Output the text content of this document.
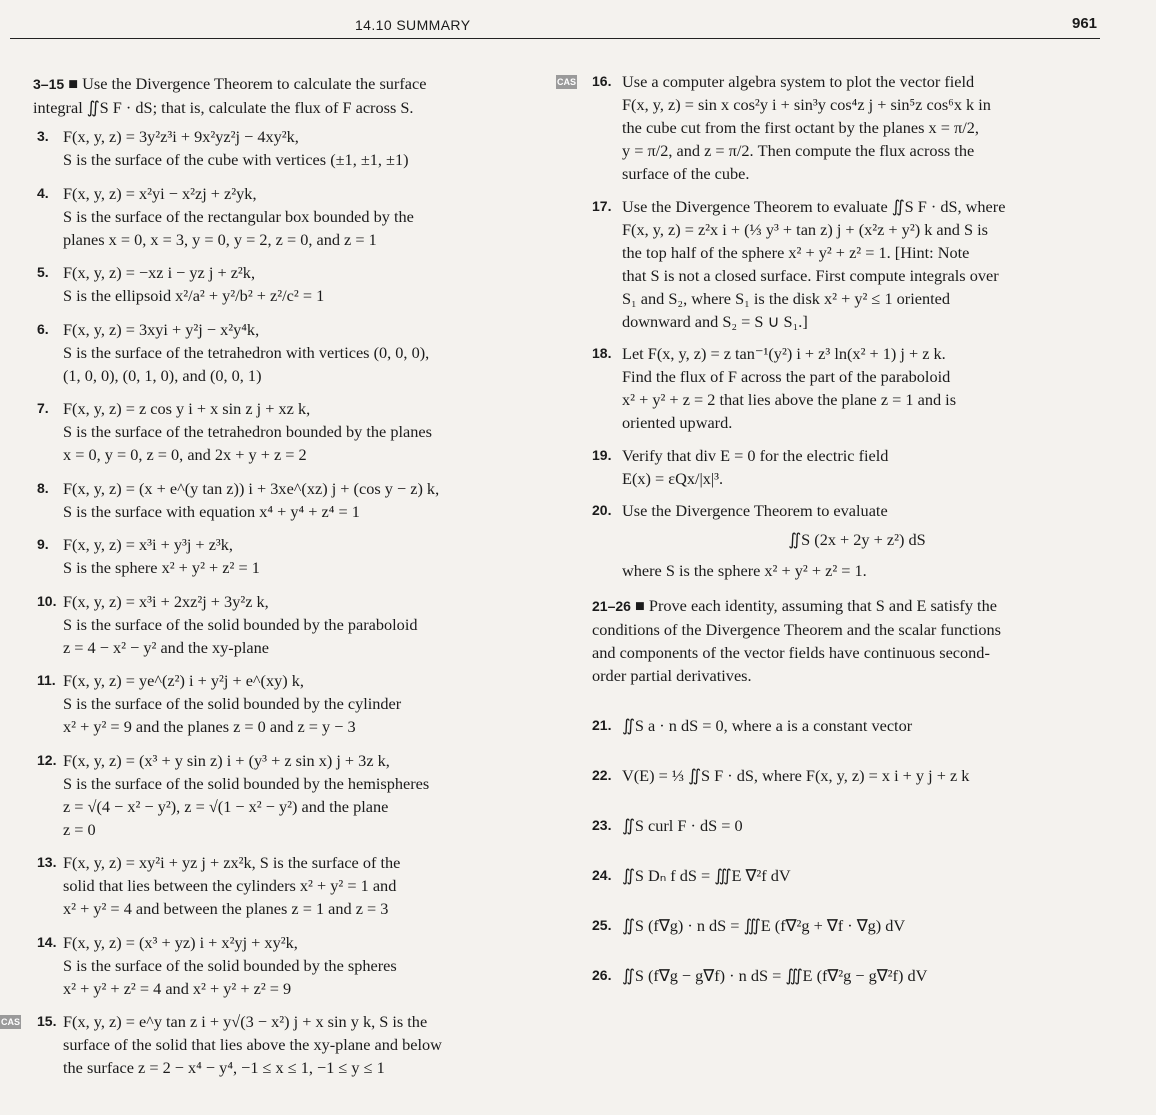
14.10 SUMMARY	961
3–15 ■ Use the Divergence Theorem to calculate the surface
integral ∬S F · dS; that is, calculate the flux of F across S.
3. F(x, y, z) = 3y²z³i + 9x²yz²j − 4xy²k,
S is the surface of the cube with vertices (±1, ±1, ±1)
4. F(x, y, z) = x²yi − x²zj + z²yk,
S is the surface of the rectangular box bounded by the
planes x = 0, x = 3, y = 0, y = 2, z = 0, and z = 1
5. F(x, y, z) = −xz i − yz j + z²k,
S is the ellipsoid x²/a² + y²/b² + z²/c² = 1
6. F(x, y, z) = 3xyi + y²j − x²y⁴k,
S is the surface of the tetrahedron with vertices (0, 0, 0),
(1, 0, 0), (0, 1, 0), and (0, 0, 1)
7. F(x, y, z) = z cos y i + x sin z j + xz k,
S is the surface of the tetrahedron bounded by the planes
x = 0, y = 0, z = 0, and 2x + y + z = 2
8. F(x, y, z) = (x + e^(y tan z)) i + 3xe^(xz) j + (cos y − z) k,
S is the surface with equation x⁴ + y⁴ + z⁴ = 1
9. F(x, y, z) = x³i + y³j + z³k,
S is the sphere x² + y² + z² = 1
10. F(x, y, z) = x³i + 2xz²j + 3y²z k,
S is the surface of the solid bounded by the paraboloid
z = 4 − x² − y² and the xy-plane
11. F(x, y, z) = ye^(z²) i + y²j + e^(xy) k,
S is the surface of the solid bounded by the cylinder
x² + y² = 9 and the planes z = 0 and z = y − 3
12. F(x, y, z) = (x³ + y sin z) i + (y³ + z sin x) j + 3z k,
S is the surface of the solid bounded by the hemispheres
z = √(4 − x² − y²), z = √(1 − x² − y²) and the plane
z = 0
13. F(x, y, z) = xy²i + yz j + zx²k, S is the surface of the
solid that lies between the cylinders x² + y² = 1 and
x² + y² = 4 and between the planes z = 1 and z = 3
14. F(x, y, z) = (x³ + yz) i + x²yj + xy²k,
S is the surface of the solid bounded by the spheres
x² + y² + z² = 4 and x² + y² + z² = 9
CAS 15. F(x, y, z) = e^y tan z i + y√(3 − x²) j + x sin y k, S is the
surface of the solid that lies above the xy-plane and below
the surface z = 2 − x⁴ − y⁴, −1 ≤ x ≤ 1, −1 ≤ y ≤ 1
CAS 16. Use a computer algebra system to plot the vector field
F(x, y, z) = sin x cos²y i + sin³y cos⁴z j + sin⁵z cos⁶x k in
the cube cut from the first octant by the planes x = π/2,
y = π/2, and z = π/2. Then compute the flux across the
surface of the cube.
17. Use the Divergence Theorem to evaluate ∬S F · dS, where
F(x, y, z) = z²x i + (⅓ y³ + tan z) j + (x²z + y²) k and S is
the top half of the sphere x² + y² + z² = 1. [Hint: Note
that S is not a closed surface. First compute integrals over
S₁ and S₂, where S₁ is the disk x² + y² ≤ 1 oriented
downward and S₂ = S ∪ S₁.]
18. Let F(x, y, z) = z tan⁻¹(y²) i + z³ ln(x² + 1) j + z k.
Find the flux of F across the part of the paraboloid
x² + y² + z = 2 that lies above the plane z = 1 and is
oriented upward.
19. Verify that div E = 0 for the electric field
E(x) = εQx/|x|³.
20. Use the Divergence Theorem to evaluate
∬S (2x + 2y + z²) dS
where S is the sphere x² + y² + z² = 1.
21–26 ■ Prove each identity, assuming that S and E satisfy the
conditions of the Divergence Theorem and the scalar functions
and components of the vector fields have continuous second-
order partial derivatives.
21. ∬S a · n dS = 0, where a is a constant vector
22. V(E) = ⅓ ∬S F · dS, where F(x, y, z) = x i + y j + z k
23. ∬S curl F · dS = 0
24. ∬S Dₙ f dS = ∭E ∇²f dV
25. ∬S (f∇g) · n dS = ∭E (f∇²g + ∇f · ∇g) dV
26. ∬S (f∇g − g∇f) · n dS = ∭E (f∇²g − g∇²f) dV
